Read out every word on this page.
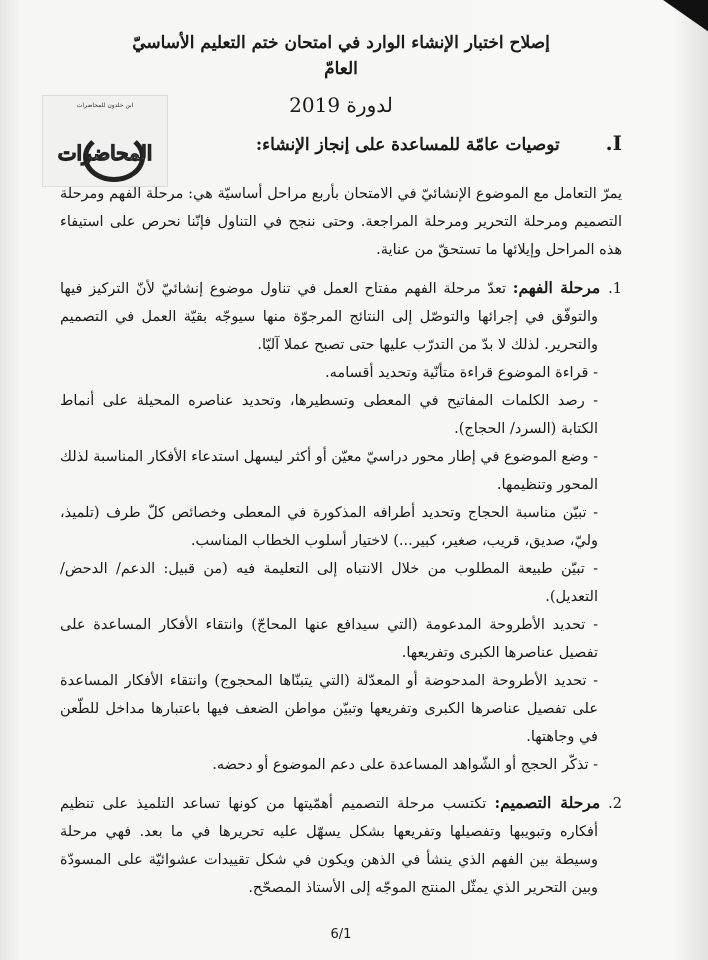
ابن خلدون للمحاضرات
المحاضرات
إصلاح اختبار الإنشاء الوارد في امتحان ختم التعليم الأساسيّ العامّ
لدورة 2019
I. توصيات عامّة للمساعدة على إنجاز الإنشاء:
يمرّ التعامل مع الموضوع الإنشائيّ في الامتحان بأربع مراحل أساسيّة هي: مرحلة الفهم ومرحلة التصميم ومرحلة التحرير ومرحلة المراجعة. وحتى ننجح في التناول فإنّنا نحرص على استيفاء هذه المراحل وإيلائها ما تستحقّ من عناية.
1.مرحلة الفهم: تعدّ مرحلة الفهم مفتاح العمل في تناول موضوع إنشائيّ لأنّ التركيز فيها والتوفّق في إجرائها والتوصّل إلى النتائج المرجوّة منها سيوجّه بقيّة العمل في التصميم والتحرير. لذلك لا بدّ من التدرّب عليها حتى تصبح عملا آليّا.
- قراءة الموضوع قراءة متأنّية وتحديد أقسامه.
- رصد الكلمات المفاتيح في المعطى وتسطيرها، وتحديد عناصره المحيلة على أنماط الكتابة (السرد/ الحجاج).
- وضع الموضوع في إطار محور دراسيّ معيّن أو أكثر ليسهل استدعاء الأفكار المناسبة لذلك المحور وتنظيمها.
- تبيّن مناسبة الحجاج وتحديد أطرافه المذكورة في المعطى وخصائص كلّ طرف (تلميذ، وليّ، صديق، قريب، صغير، كبير...) لاختيار أسلوب الخطاب المناسب.
- تبيّن طبيعة المطلوب من خلال الانتباه إلى التعليمة فيه (من قبيل: الدعم/ الدحض/ التعديل).
- تحديد الأطروحة المدعومة (التي سيدافع عنها المحاجّ) وانتقاء الأفكار المساعدة على تفصيل عناصرها الكبرى وتفريعها.
- تحديد الأطروحة المدحوضة أو المعدّلة (التي يتبنّاها المحجوج) وانتقاء الأفكار المساعدة على تفصيل عناصرها الكبرى وتفريعها وتبيّن مواطن الضعف فيها باعتبارها مداخل للطّعن في وجاهتها.
- تذكّر الحجج أو الشّواهد المساعدة على دعم الموضوع أو دحضه.
2.مرحلة التصميم: تكتسب مرحلة التصميم أهمّيتها من كونها تساعد التلميذ على تنظيم أفكاره وتبويبها وتفصيلها وتفريعها بشكل يسهّل عليه تحريرها في ما بعد. فهي مرحلة وسيطة بين الفهم الذي ينشأ في الذهن ويكون في شكل تقييدات عشوائيّة على المسودّة وبين التحرير الذي يمثّل المنتج الموجّه إلى الأستاذ المصحّح.
6/1
